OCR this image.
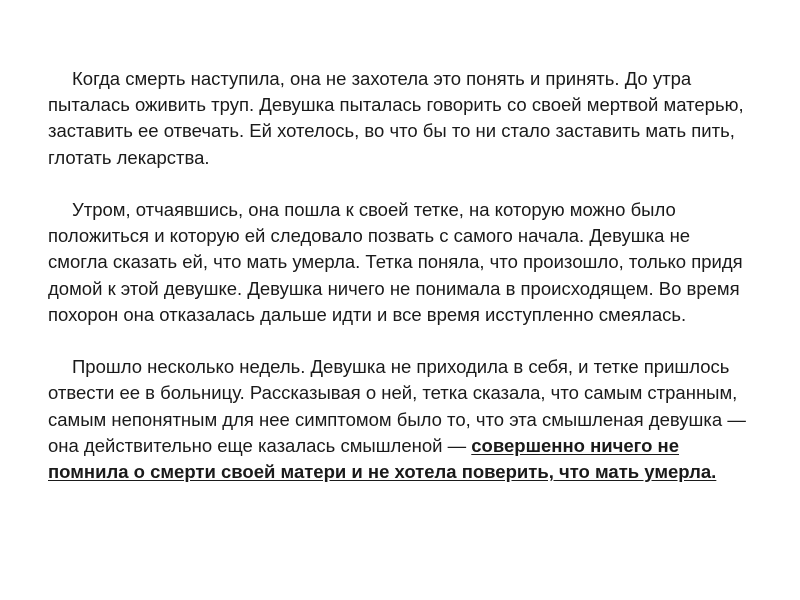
Когда смерть наступила, она не захотела это понять и принять. До утра пыталась оживить труп. Девушка пыталась говорить со своей мертвой матерью, заставить ее отвечать. Ей хотелось, во что бы то ни стало заставить мать пить, глотать лекарства.

Утром, отчаявшись, она пошла к своей тетке, на которую можно было положиться и которую ей следовало позвать с самого начала. Девушка не смогла сказать ей, что мать умерла. Тетка поняла, что произошло, только придя домой к этой девушке. Девушка ничего не понимала в происходящем. Во время похорон она отказалась дальше идти и все время исступленно смеялась.

Прошло несколько недель. Девушка не приходила в себя, и тетке пришлось отвести ее в больницу. Рассказывая о ней, тетка сказала, что самым странным, самым непонятным для нее симптомом было то, что эта смышленая девушка — она действительно еще казалась смышленой — совершенно ничего не помнила о смерти своей матери и не хотела поверить, что мать умерла.
